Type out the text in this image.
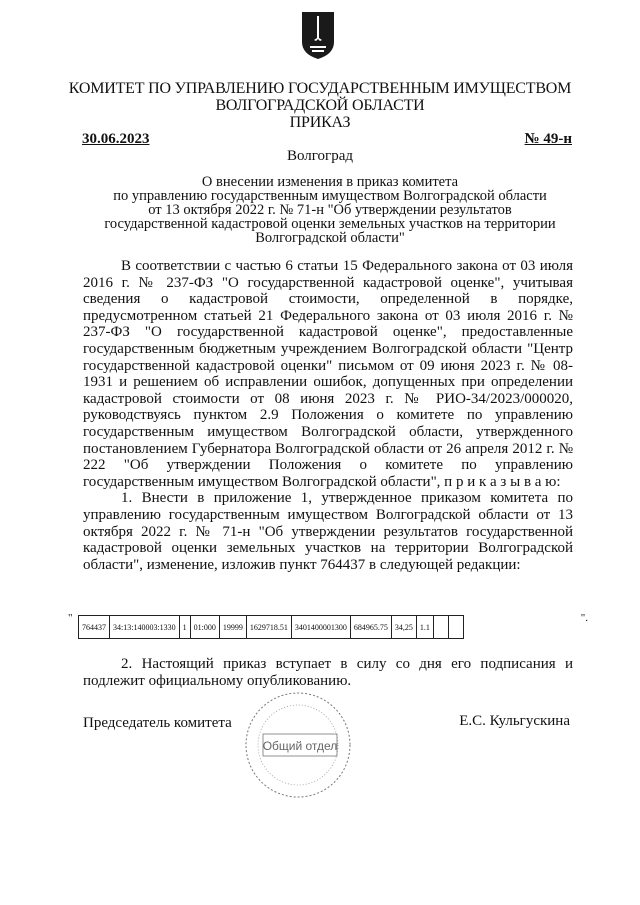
КОМИТЕТ ПО УПРАВЛЕНИЮ ГОСУДАРСТВЕННЫМ ИМУЩЕСТВОМ
ВОЛГОГРАДСКОЙ ОБЛАСТИ
ПРИКАЗ
30.06.2023	№ 49-н
Волгоград
О внесении изменения в приказ комитета
по управлению государственным имуществом Волгоградской области
от 13 октября 2022 г. № 71-н "Об утверждении результатов
государственной кадастровой оценки земельных участков на территории
Волгоградской области"

В соответствии с частью 6 статьи 15 Федерального закона от 03 июля 2016 г. № 237-ФЗ "О государственной кадастровой оценке", учитывая сведения о кадастровой стоимости, определенной в порядке, предусмотренном статьей 21 Федерального закона от 03 июля 2016 г. № 237-ФЗ "О государственной кадастровой оценке", предоставленные государственным бюджетным учреждением Волгоградской области "Центр государственной кадастровой оценки" письмом от 09 июня 2023 г. № 08-1931 и решением об исправлении ошибок, допущенных при определении кадастровой стоимости от 08 июня 2023 г. № РИО-34/2023/000020, руководствуясь пунктом 2.9 Положения о комитете по управлению государственным имуществом Волгоградской области, утвержденного постановлением Губернатора Волгоградской области от 26 апреля 2012 г. № 222 "Об утверждении Положения о комитете по управлению государственным имуществом Волгоградской области", п р и к а з ы в а ю:

1. Внести в приложение 1, утвержденное приказом комитета по управлению государственным имуществом Волгоградской области от 13 октября 2022 г. № 71-н "Об утверждении результатов государственной кадастровой оценки земельных участков на территории Волгоградской области", изменение, изложив пункт 764437 в следующей редакции:

"
764437	34:13:140003:1330	1	01:000	19999	1629718.51	3401400001300	684965.75	34,25	1.1		
".

2. Настоящий приказ вступает в силу со дня его подписания и подлежит официальному опубликованию.

Председатель комитета	Е.С. Кульгускина
Общий отдел
